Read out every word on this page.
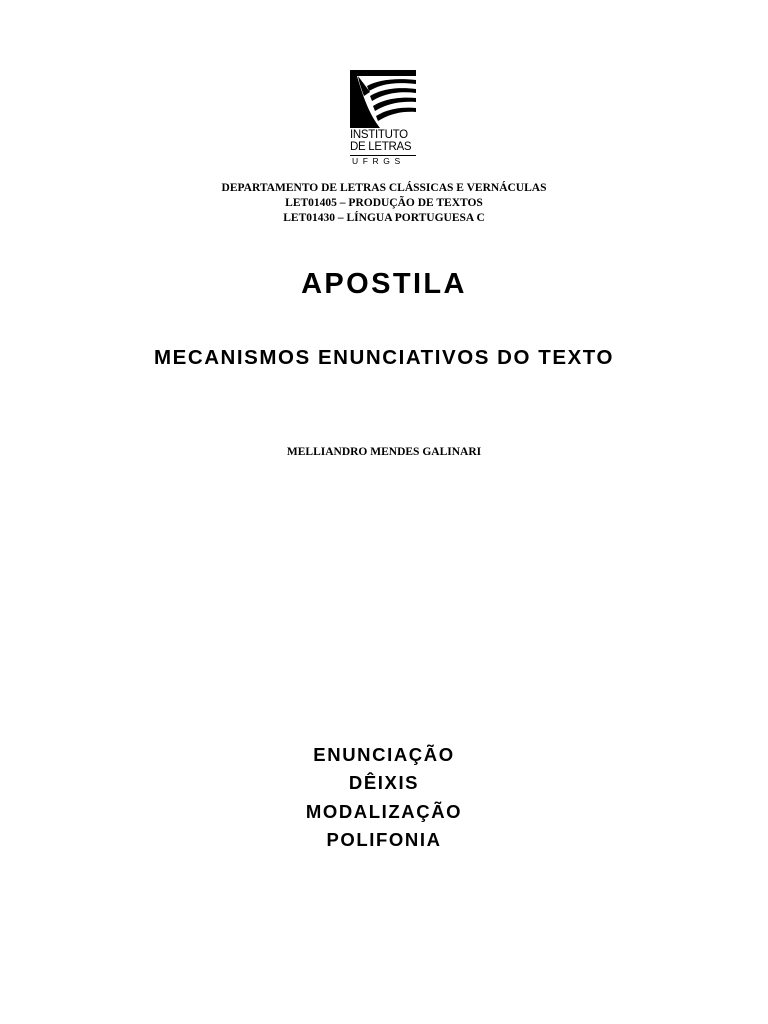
INSTITUTO
DE LETRAS
UFRGS
DEPARTAMENTO DE LETRAS CLÁSSICAS E VERNÁCULAS
LET01405 – PRODUÇÃO DE TEXTOS
LET01430 – LÍNGUA PORTUGUESA C
APOSTILA
MECANISMOS ENUNCIATIVOS DO TEXTO
MELLIANDRO MENDES GALINARI
ENUNCIAÇÃO
DÊIXIS
MODALIZAÇÃO
POLIFONIA
